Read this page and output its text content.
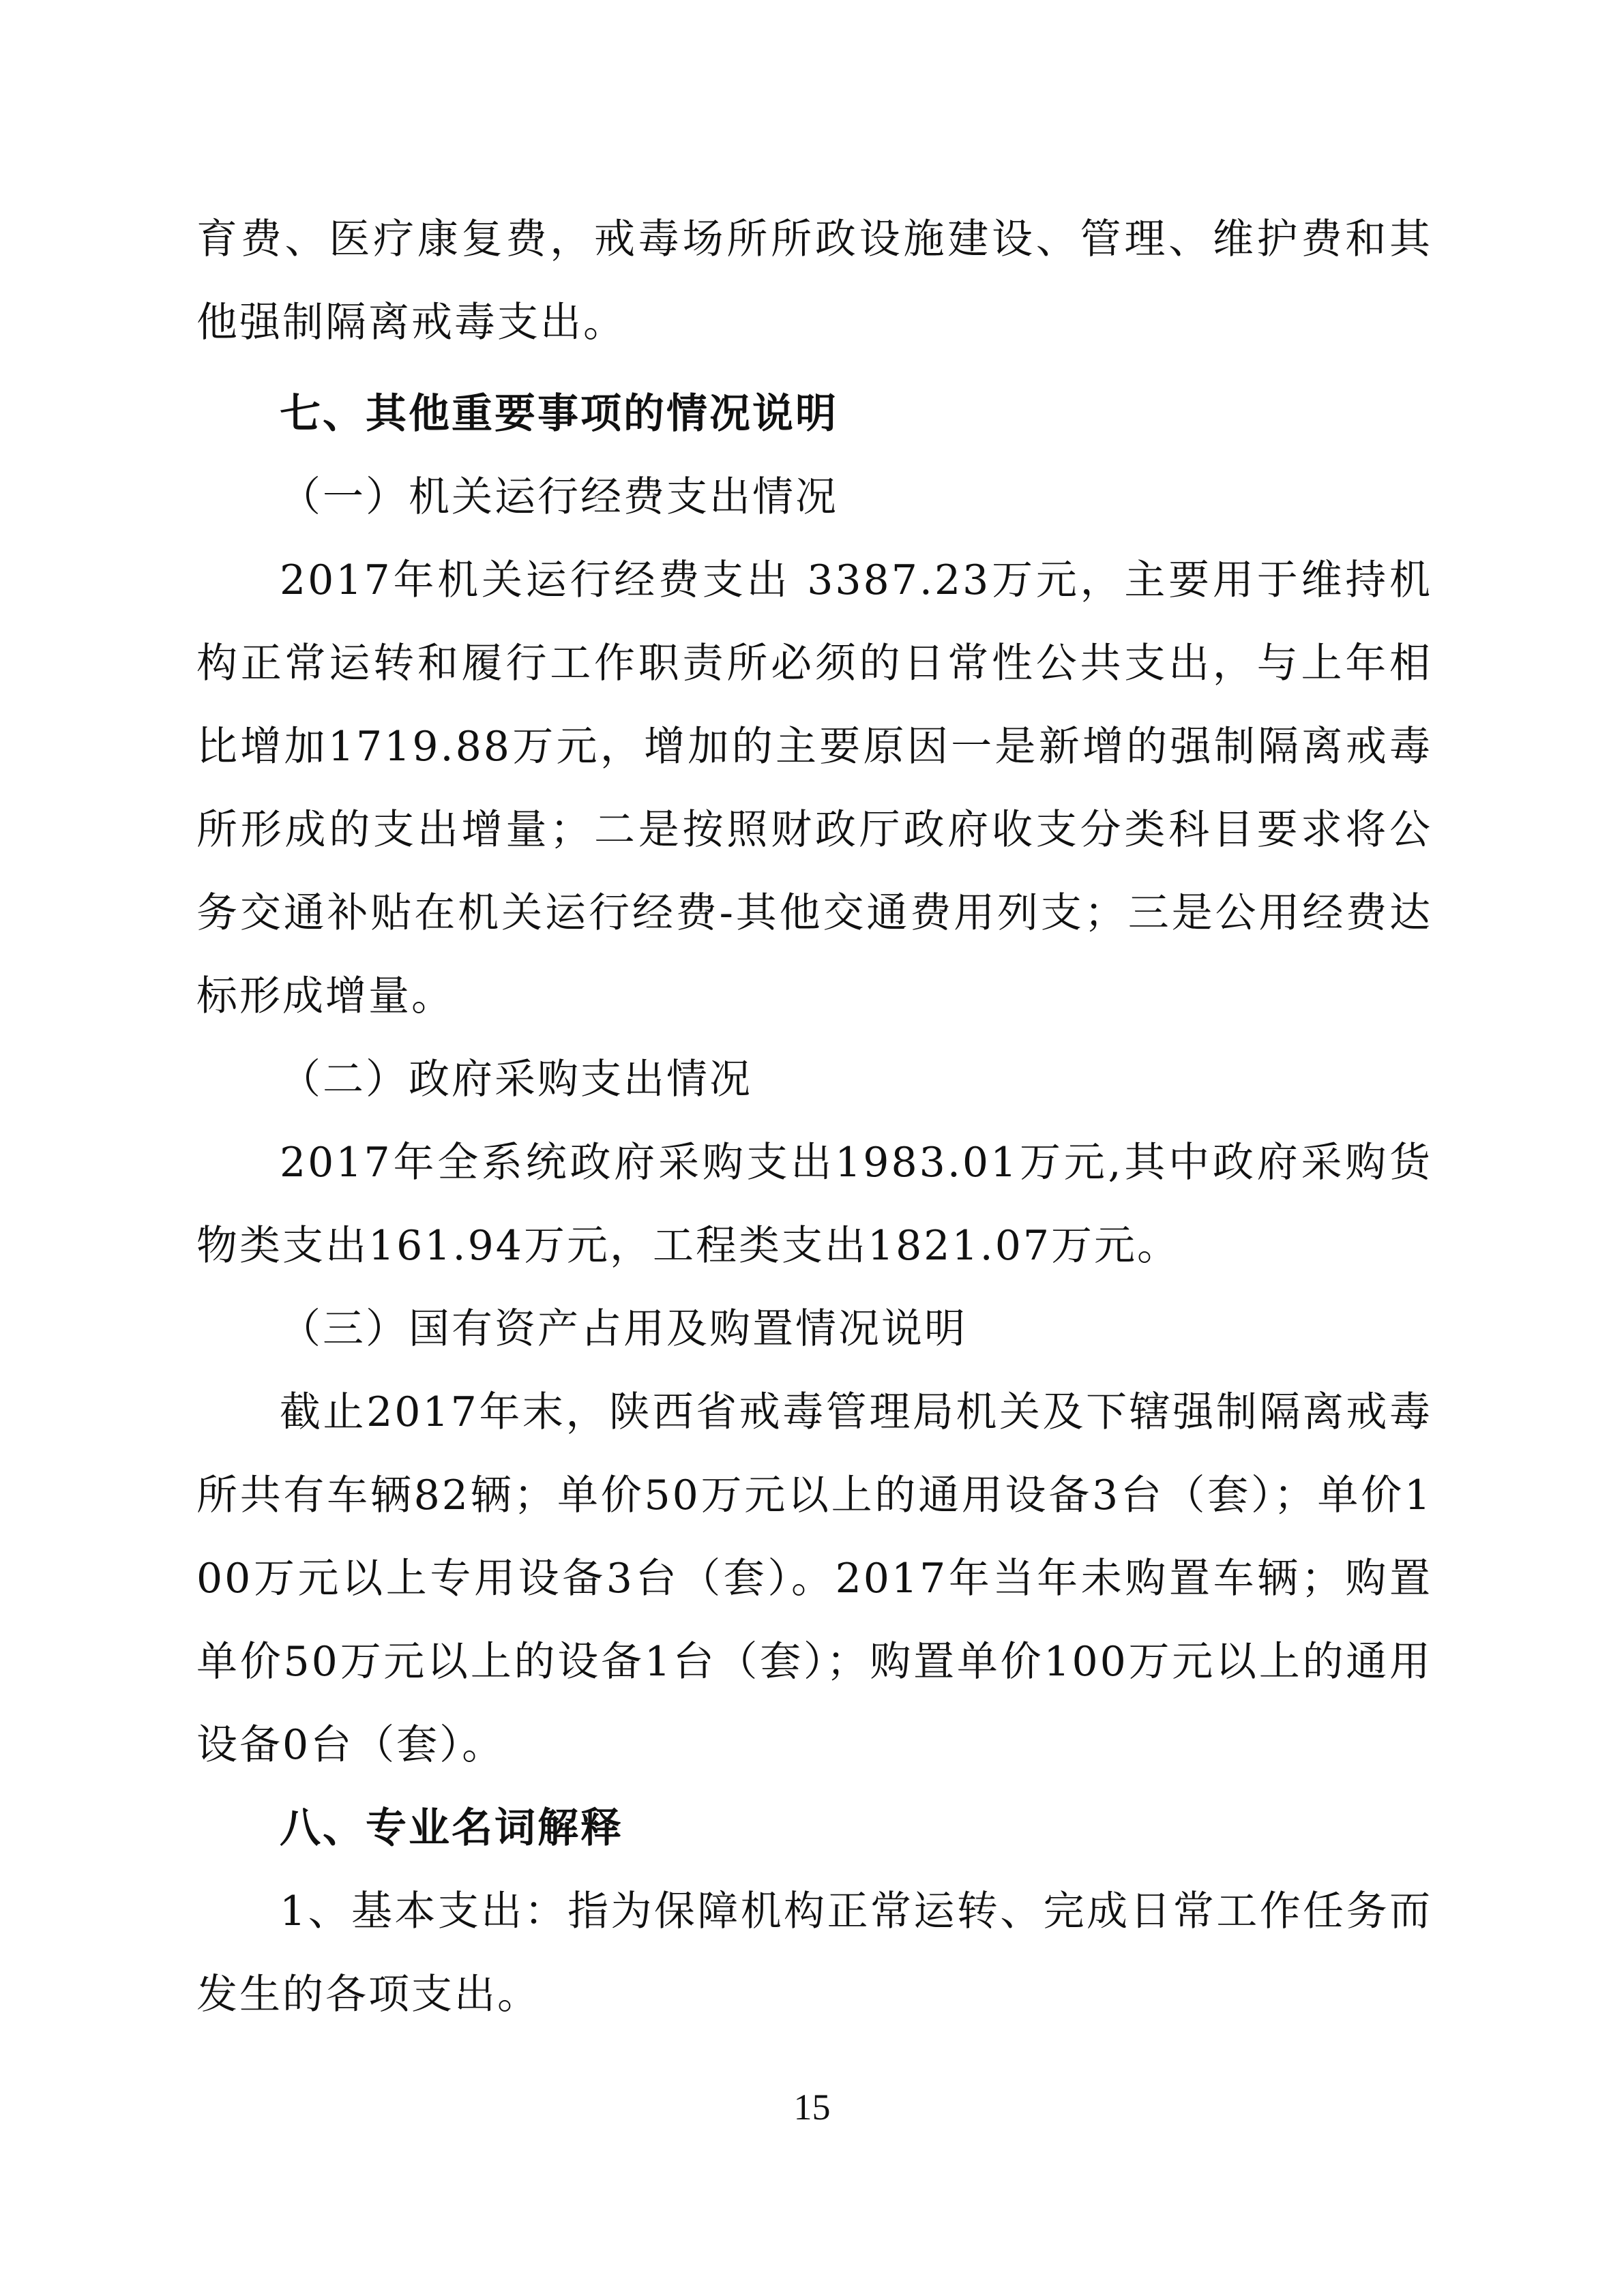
育费、医疗康复费，戒毒场所所政设施建设、管理、维护费和其他强制隔离戒毒支出。

七、其他重要事项的情况说明

（一）机关运行经费支出情况

2017年机关运行经费支出 3387.23万元，主要用于维持机构正常运转和履行工作职责所必须的日常性公共支出，与上年相比增加1719.88万元，增加的主要原因一是新增的强制隔离戒毒所形成的支出增量；二是按照财政厅政府收支分类科目要求将公务交通补贴在机关运行经费-其他交通费用列支；三是公用经费达标形成增量。

（二）政府采购支出情况

2017年全系统政府采购支出1983.01万元,其中政府采购货物类支出161.94万元，工程类支出1821.07万元。

（三）国有资产占用及购置情况说明

截止2017年末，陕西省戒毒管理局机关及下辖强制隔离戒毒所共有车辆82辆；单价50万元以上的通用设备3台（套）；单价100万元以上专用设备3台（套）。2017年当年未购置车辆；购置单价50万元以上的设备1台（套）；购置单价100万元以上的通用设备0台（套）。

八、专业名词解释

1、基本支出：指为保障机构正常运转、完成日常工作任务而发生的各项支出。

15
